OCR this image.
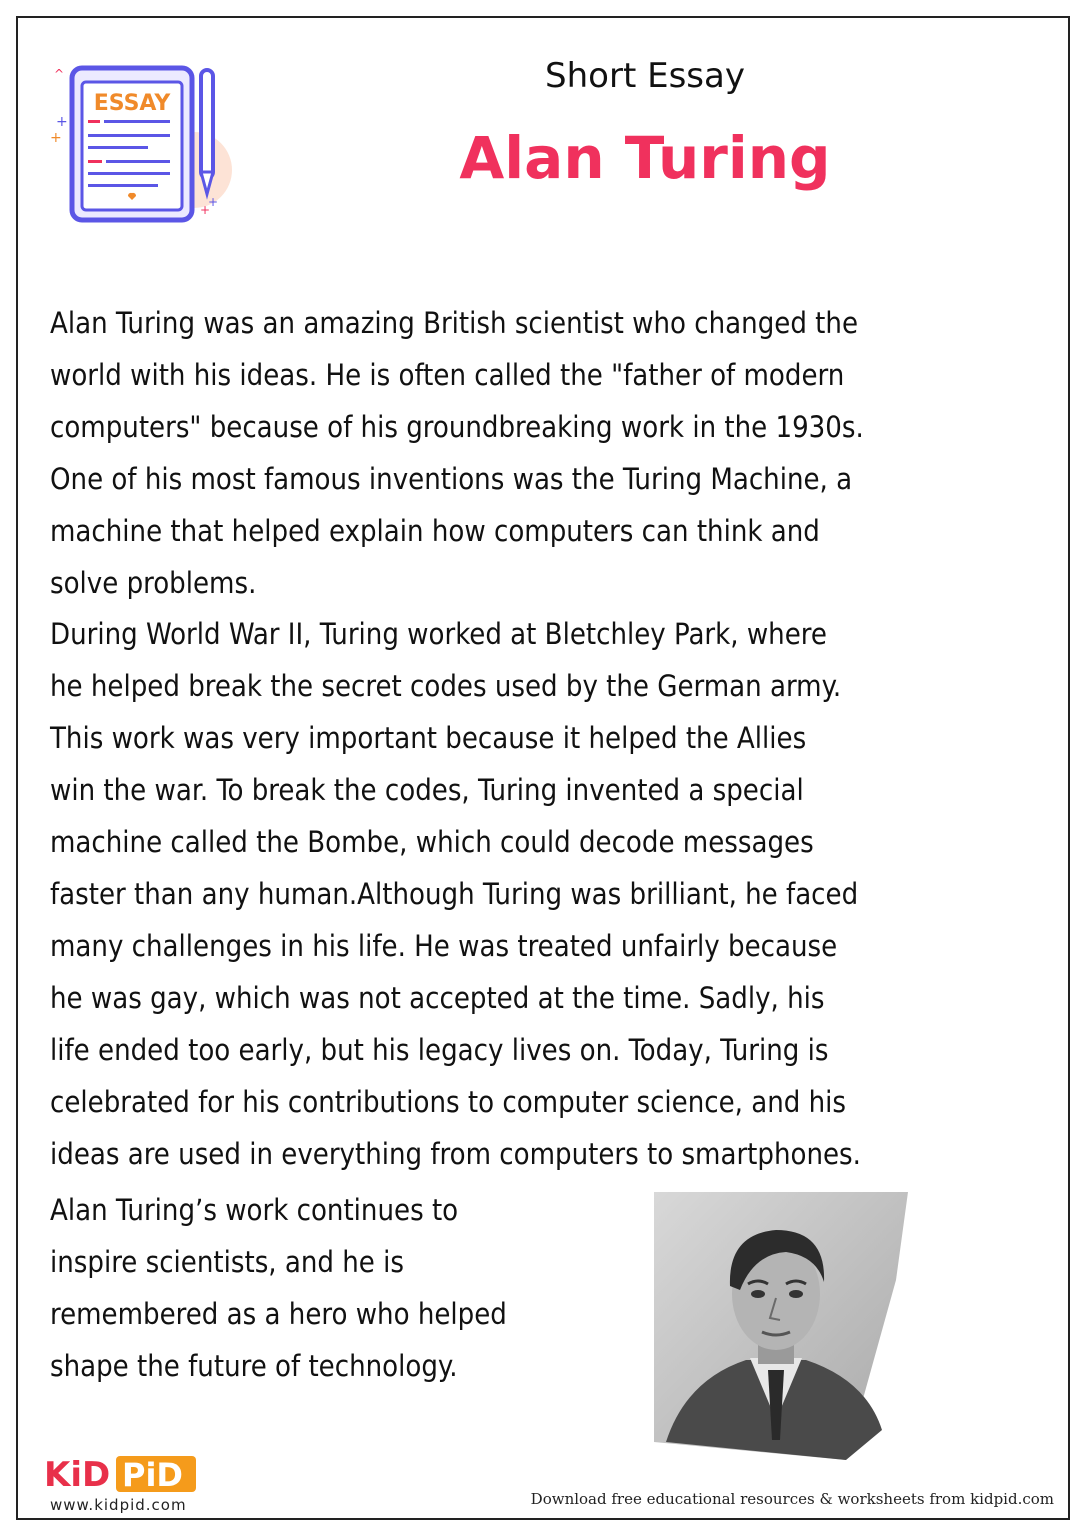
ESSAY
^
+
+
+
+
Short Essay
Alan Turing

Alan Turing was an amazing British scientist who changed the
world with his ideas. He is often called the "father of modern
computers" because of his groundbreaking work in the 1930s.
One of his most famous inventions was the Turing Machine, a
machine that helped explain how computers can think and
solve problems.

During World War II, Turing worked at Bletchley Park, where
he helped break the secret codes used by the German army.
This work was very important because it helped the Allies
win the war. To break the codes, Turing invented a special
machine called the Bombe, which could decode messages
faster than any human.Although Turing was brilliant, he faced
many challenges in his life. He was treated unfairly because
he was gay, which was not accepted at the time. Sadly, his
life ended too early, but his legacy lives on. Today, Turing is
celebrated for his contributions to computer science, and his
ideas are used in everything from computers to smartphones.

Alan Turing’s work continues to
inspire scientists, and he is
remembered as a hero who helped
shape the future of technology.

KiD PiD
www.kidpid.com	Download free educational resources & worksheets from kidpid.com
